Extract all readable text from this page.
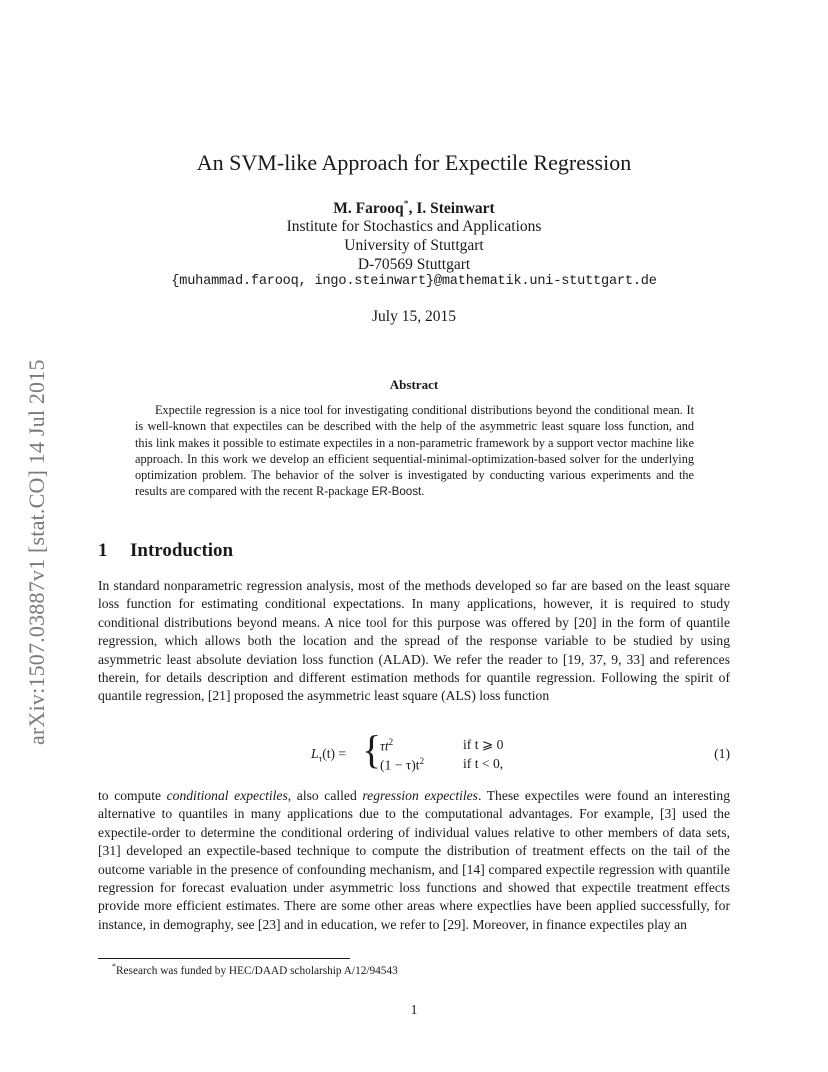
arXiv:1507.03887v1 [stat.CO] 14 Jul 2015
An SVM-like Approach for Expectile Regression
M. Farooq*, I. Steinwart
Institute for Stochastics and Applications
University of Stuttgart
D-70569 Stuttgart
{muhammad.farooq, ingo.steinwart}@mathematik.uni-stuttgart.de
July 15, 2015
Abstract
Expectile regression is a nice tool for investigating conditional distributions beyond the conditional mean. It is well-known that expectiles can be described with the help of the asymmetric least square loss function, and this link makes it possible to estimate expectiles in a non-parametric framework by a support vector machine like approach. In this work we develop an efficient sequential-minimal-optimization-based solver for the underlying optimization problem. The behavior of the solver is investigated by conducting various experiments and the results are compared with the recent R-package ER-Boost.
1 Introduction
In standard nonparametric regression analysis, most of the methods developed so far are based on the least square loss function for estimating conditional expectations. In many applications, however, it is required to study conditional distributions beyond means. A nice tool for this purpose was offered by [20] in the form of quantile regression, which allows both the location and the spread of the response variable to be studied by using asymmetric least absolute deviation loss function (ALAD). We refer the reader to [19, 37, 9, 33] and references therein, for details description and different estimation methods for quantile regression. Following the spirit of quantile regression, [21] proposed the asymmetric least square (ALS) loss function
$L_\tau(t)$ = {
$\tau t^2$
$(1 - \tau)t^2$
if t ⩾ 0
if t < 0,
(1)
to compute conditional expectiles, also called regression expectiles. These expectiles were found an interesting alternative to quantiles in many applications due to the computational advantages. For example, [3] used the expectile-order to determine the conditional ordering of individual values relative to other members of data sets, [31] developed an expectile-based technique to compute the distribution of treatment effects on the tail of the outcome variable in the presence of confounding mechanism, and [14] compared expectile regression with quantile regression for forecast evaluation under asymmetric loss functions and showed that expectile treatment effects provide more efficient estimates. There are some other areas where expectlies have been applied successfully, for instance, in demography, see [23] and in education, we refer to [29]. Moreover, in finance expectiles play an
*Research was funded by HEC/DAAD scholarship A/12/94543
1
